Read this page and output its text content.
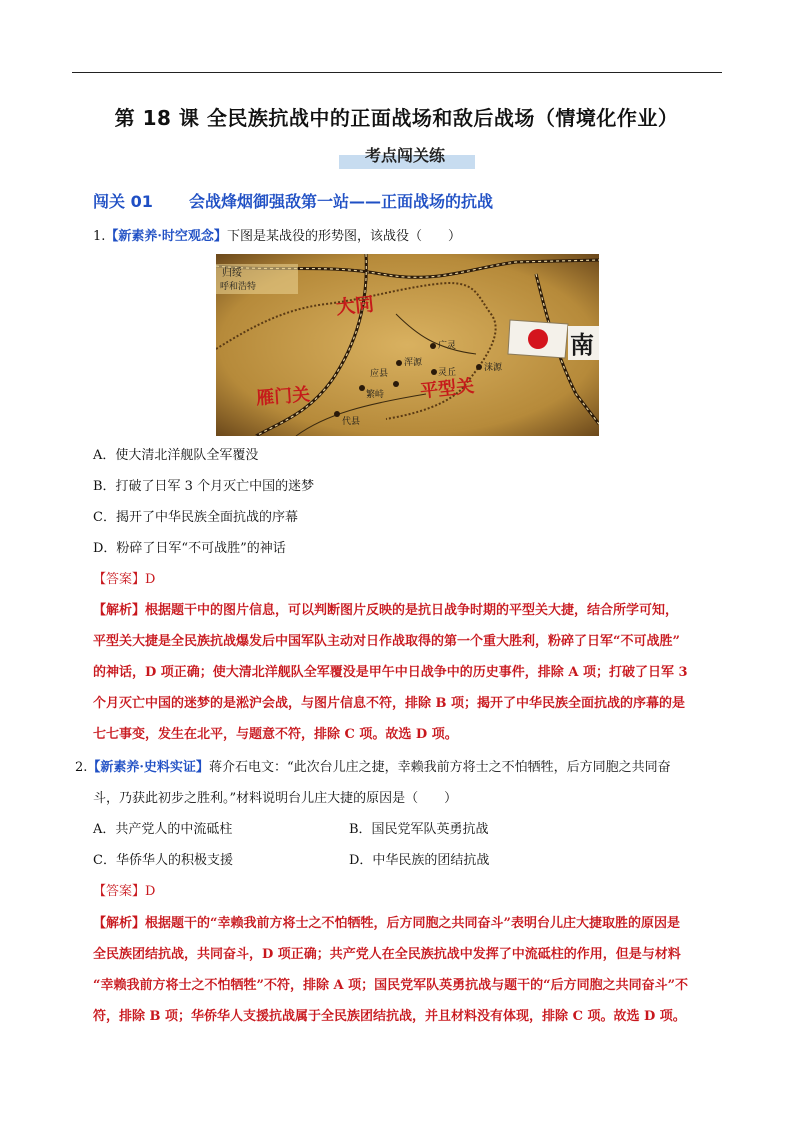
第 18 课 全民族抗战中的正面战场和敌后战场（情境化作业）
考点闯关练
闯关 01 会战烽烟御强敌第一站——正面战场的抗战
1.【新素养·时空观念】下图是某战役的形势图，该战役（　　）
归绥
呼和浩特
大同
雁门关	平型关
广灵
浑源
应县	灵丘	涞源
繁峙
代县
南
A．使大清北洋舰队全军覆没
B．打破了日军 3 个月灭亡中国的迷梦
C．揭开了中华民族全面抗战的序幕
D．粉碎了日军“不可战胜”的神话
【答案】D
【解析】根据题干中的图片信息，可以判断图片反映的是抗日战争时期的平型关大捷，结合所学可知，
平型关大捷是全民族抗战爆发后中国军队主动对日作战取得的第一个重大胜利，粉碎了日军“不可战胜”
的神话，D 项正确；使大清北洋舰队全军覆没是甲午中日战争中的历史事件，排除 A 项；打破了日军 3
个月灭亡中国的迷梦的是淞沪会战，与图片信息不符，排除 B 项；揭开了中华民族全面抗战的序幕的是
七七事变，发生在北平，与题意不符，排除 C 项。故选 D 项。
2.【新素养·史料实证】蒋介石电文：“此次台儿庄之捷，幸赖我前方将士之不怕牺牲，后方同胞之共同奋
斗，乃获此初步之胜利。”材料说明台儿庄大捷的原因是（　　）
A．共产党人的中流砥柱	B．国民党军队英勇抗战
C．华侨华人的积极支援	D．中华民族的团结抗战
【答案】D
【解析】根据题干的“幸赖我前方将士之不怕牺牲，后方同胞之共同奋斗”表明台儿庄大捷取胜的原因是
全民族团结抗战，共同奋斗，D 项正确；共产党人在全民族抗战中发挥了中流砥柱的作用，但是与材料
“幸赖我前方将士之不怕牺牲”不符，排除 A 项；国民党军队英勇抗战与题干的“后方同胞之共同奋斗”不
符，排除 B 项；华侨华人支援抗战属于全民族团结抗战，并且材料没有体现，排除 C 项。故选 D 项。
